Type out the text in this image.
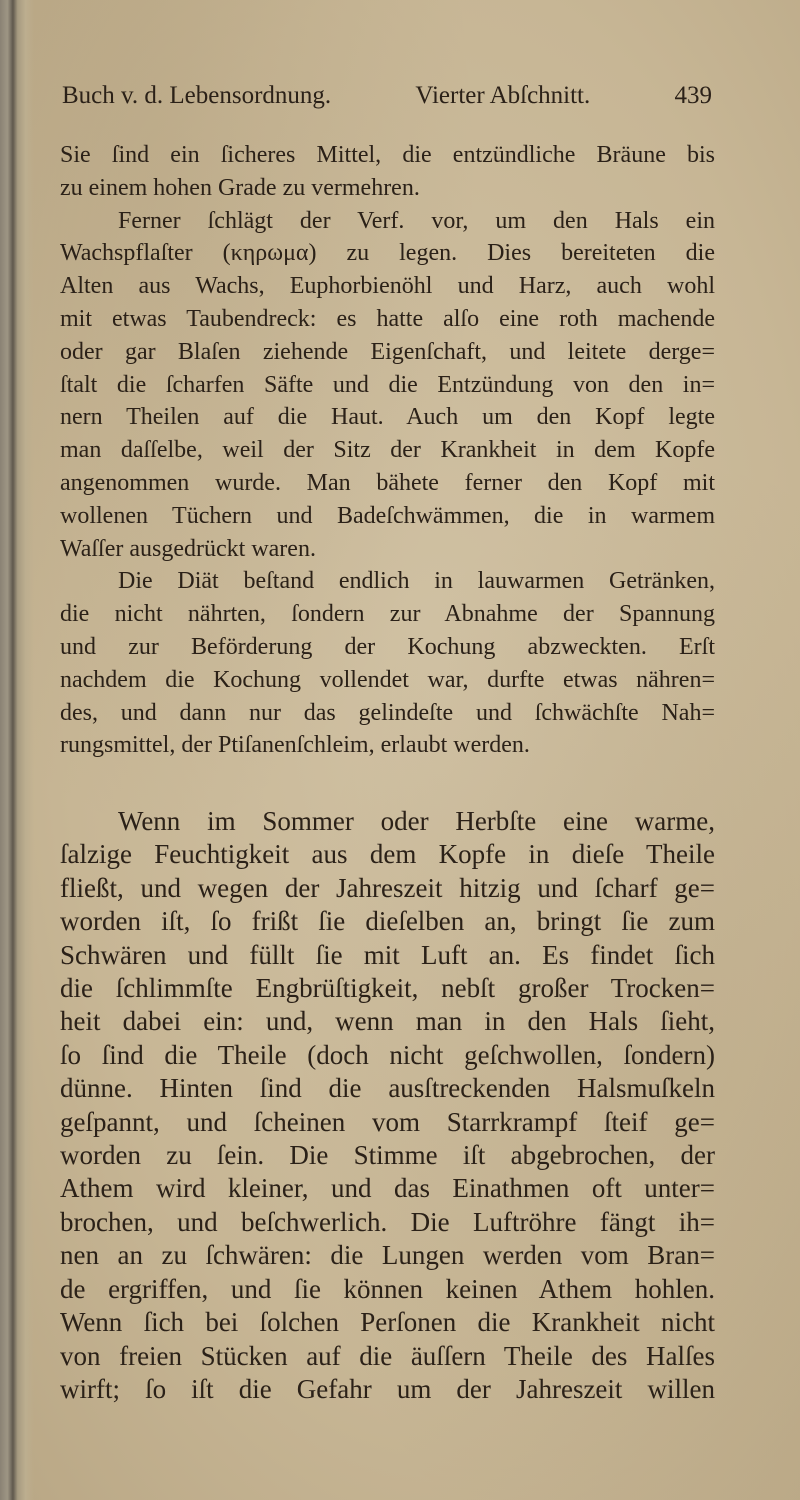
Buch v. d. Lebensordnung.	Vierter Abſchnitt.	439
Sie ſind ein ſicheres Mittel, die entzündliche Bräune bis
zu einem hohen Grade zu vermehren.
Ferner ſchlägt der Verf. vor, um den Hals ein
Wachspflaſter (κηρωμα) zu legen. Dies bereiteten die
Alten aus Wachs, Euphorbienöhl und Harz, auch wohl
mit etwas Taubendreck: es hatte alſo eine roth machende
oder gar Blaſen ziehende Eigenſchaft, und leitete derge=
ſtalt die ſcharfen Säfte und die Entzündung von den in=
nern Theilen auf die Haut. Auch um den Kopf legte
man daſſelbe, weil der Sitz der Krankheit in dem Kopfe
angenommen wurde. Man bähete ferner den Kopf mit
wollenen Tüchern und Badeſchwämmen, die in warmem
Waſſer ausgedrückt waren.
Die Diät beſtand endlich in lauwarmen Getränken,
die nicht nährten, ſondern zur Abnahme der Spannung
und zur Beförderung der Kochung abzweckten. Erſt
nachdem die Kochung vollendet war, durfte etwas nähren=
des, und dann nur das gelindeſte und ſchwächſte Nah=
rungsmittel, der Ptiſanenſchleim, erlaubt werden.
Wenn im Sommer oder Herbſte eine warme,
ſalzige Feuchtigkeit aus dem Kopfe in dieſe Theile
fließt, und wegen der Jahreszeit hitzig und ſcharf ge=
worden iſt, ſo frißt ſie dieſelben an, bringt ſie zum
Schwären und füllt ſie mit Luft an. Es findet ſich
die ſchlimmſte Engbrüſtigkeit, nebſt großer Trocken=
heit dabei ein: und, wenn man in den Hals ſieht,
ſo ſind die Theile (doch nicht geſchwollen, ſondern)
dünne. Hinten ſind die ausſtreckenden Halsmuſkeln
geſpannt, und ſcheinen vom Starrkrampf ſteif ge=
worden zu ſein. Die Stimme iſt abgebrochen, der
Athem wird kleiner, und das Einathmen oft unter=
brochen, und beſchwerlich. Die Luftröhre fängt ih=
nen an zu ſchwären: die Lungen werden vom Bran=
de ergriffen, und ſie können keinen Athem hohlen.
Wenn ſich bei ſolchen Perſonen die Krankheit nicht
von freien Stücken auf die äuſſern Theile des Halſes
wirft; ſo iſt die Gefahr um der Jahreszeit willen
